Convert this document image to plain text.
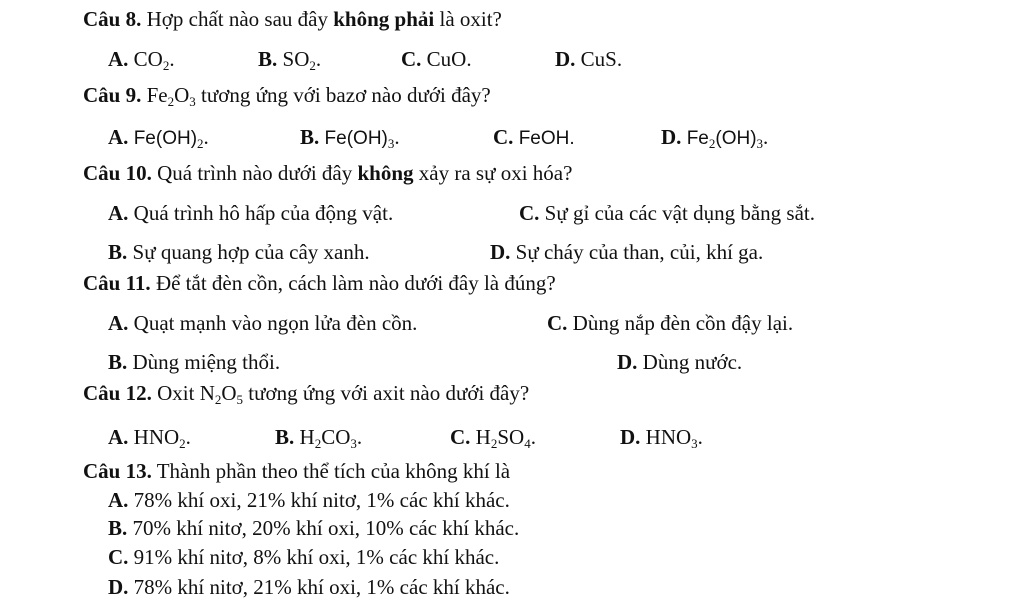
Câu 8. Hợp chất nào sau đây không phải là oxit?
A. $CO_2$.	B. $SO_2$.	C. CuO.	D. CuS.
Câu 9. $Fe_2O_3$ tương ứng với bazơ nào dưới đây?
A. $Fe(OH)_2$.	B. $Fe(OH)_3$.	C. FeOH.	D. $Fe_2(OH)_3$.
Câu 10. Quá trình nào dưới đây không xảy ra sự oxi hóa?
A. Quá trình hô hấp của động vật.	C. Sự gỉ của các vật dụng bằng sắt.
B. Sự quang hợp của cây xanh.	D. Sự cháy của than, củi, khí ga.
Câu 11. Để tắt đèn cồn, cách làm nào dưới đây là đúng?
A. Quạt mạnh vào ngọn lửa đèn cồn.	C. Dùng nắp đèn cồn đậy lại.
B. Dùng miệng thổi.	D. Dùng nước.
Câu 12. Oxit $N_2O_5$ tương ứng với axit nào dưới đây?
A. $HNO_2$.	B. $H_2CO_3$.	C. $H_2SO_4$.	D. $HNO_3$.
Câu 13. Thành phần theo thể tích của không khí là
A. 78% khí oxi, 21% khí nitơ, 1% các khí khác.
B. 70% khí nitơ, 20% khí oxi, 10% các khí khác.
C. 91% khí nitơ, 8% khí oxi, 1% các khí khác.
D. 78% khí nitơ, 21% khí oxi, 1% các khí khác.
